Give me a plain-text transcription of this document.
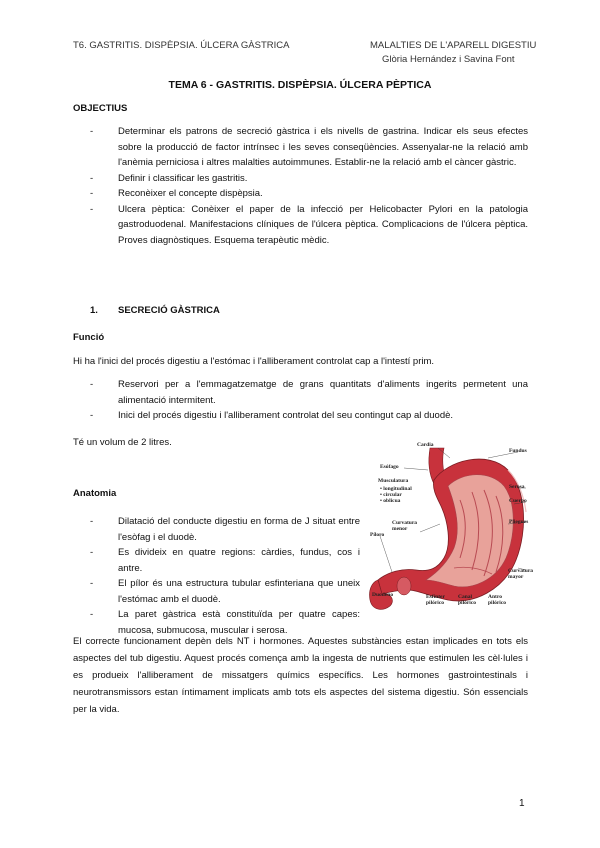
T6. GASTRITIS. DISPÈPSIA. ÚLCERA GÀSTRICA	MALALTIES DE L'APARELL DIGESTIU
Glòria Hernández i Savina Font
TEMA 6 - GASTRITIS. DISPÈPSIA. ÚLCERA PÈPTICA
OBJECTIUS
- Determinar els patrons de secreció gàstrica i els nivells de gastrina. Indicar els seus efectes sobre la producció de factor intrínsec i les seves conseqüències. Assenyalar-ne la relació amb l'anèmia perniciosa i altres malalties autoimmunes. Establir-ne la relació amb el càncer gàstric.
- Definir i classificar les gastritis.
- Reconèixer el concepte dispèpsia.
- Ulcera pèptica: Conèixer el paper de la infecció per Helicobacter Pylori en la patologia gastroduodenal. Manifestacions clíniques de l'úlcera pèptica. Complicacions de l'úlcera pèptica. Proves diagnòstiques. Esquema terapèutic mèdic.
1. SECRECIÓ GÀSTRICA
Funció

Hi ha l'inici del procés digestiu a l'estómac i l'alliberament controlat cap a l'intestí prim.

- Reservori per a l'emmagatzematge de grans quantitats d'aliments ingerits permetent una alimentació intermitent.
- Inici del procés digestiu i l'alliberament controlat del seu contingut cap al duodè.

Té un volum de 2 litres.

Anatomia
- Dilatació del conducte digestiu en forma de J situat entre l'esòfag i el duodè.
- Es divideix en quatre regions: càrdies, fundus, cos i antre.
- El pílor és una estructura tubular esfinteriana que uneix l'estómac amb el duodè.
- La paret gàstrica està constituïda per quatre capes: mucosa, submucosa, muscular i serosa.
Cardia
Fundus
Esófago
Musculatura
• longitudinal
• circular
• oblicua
Serosa
Cuerpo
Curvatura menor
Pliegues
Píloro
Curvatura mayor
Duodeno	Esfínter pilórico
Canal pilórico
Antro pilórico

El correcte funcionament depèn dels NT i hormones. Aquestes substàncies estan implicades en tots els aspectes del tub digestiu. Aquest procés comença amb la ingesta de nutrients que estimulen les cèl·lules i es produeix l'alliberament de missatgers químics específics. Les hormones gastrointestinals i neurotransmissors estan íntimament implicats amb tots els aspectes del sistema digestiu. Són essencials per la vida.

1
